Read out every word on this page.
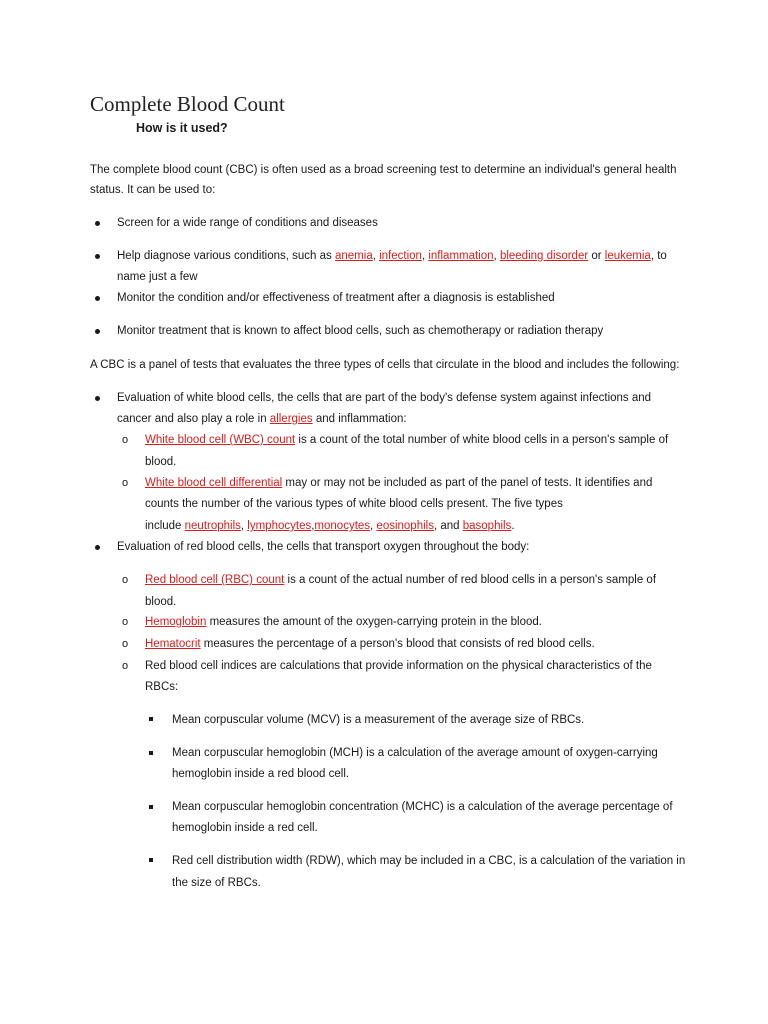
Complete Blood Count
How is it used?
The complete blood count (CBC) is often used as a broad screening test to determine an individual's general health
status. It can be used to:
Screen for a wide range of conditions and diseases
Help diagnose various conditions, such as anemia, infection, inflammation, bleeding disorder or leukemia, to
name just a few
Monitor the condition and/or effectiveness of treatment after a diagnosis is established
Monitor treatment that is known to affect blood cells, such as chemotherapy or radiation therapy
A CBC is a panel of tests that evaluates the three types of cells that circulate in the blood and includes the following:
Evaluation of white blood cells, the cells that are part of the body's defense system against infections and
cancer and also play a role in allergies and inflammation:
o White blood cell (WBC) count is a count of the total number of white blood cells in a person's sample of
blood.
o White blood cell differential may or may not be included as part of the panel of tests. It identifies and
counts the number of the various types of white blood cells present. The five types
include neutrophils, lymphocytes,monocytes, eosinophils, and basophils.
Evaluation of red blood cells, the cells that transport oxygen throughout the body:
o Red blood cell (RBC) count is a count of the actual number of red blood cells in a person's sample of
blood.
o Hemoglobin measures the amount of the oxygen-carrying protein in the blood.
o Hematocrit measures the percentage of a person's blood that consists of red blood cells.
o Red blood cell indices are calculations that provide information on the physical characteristics of the
RBCs:
Mean corpuscular volume (MCV) is a measurement of the average size of RBCs.
Mean corpuscular hemoglobin (MCH) is a calculation of the average amount of oxygen-carrying
hemoglobin inside a red blood cell.
Mean corpuscular hemoglobin concentration (MCHC) is a calculation of the average percentage of
hemoglobin inside a red cell.
Red cell distribution width (RDW), which may be included in a CBC, is a calculation of the variation in
the size of RBCs.
